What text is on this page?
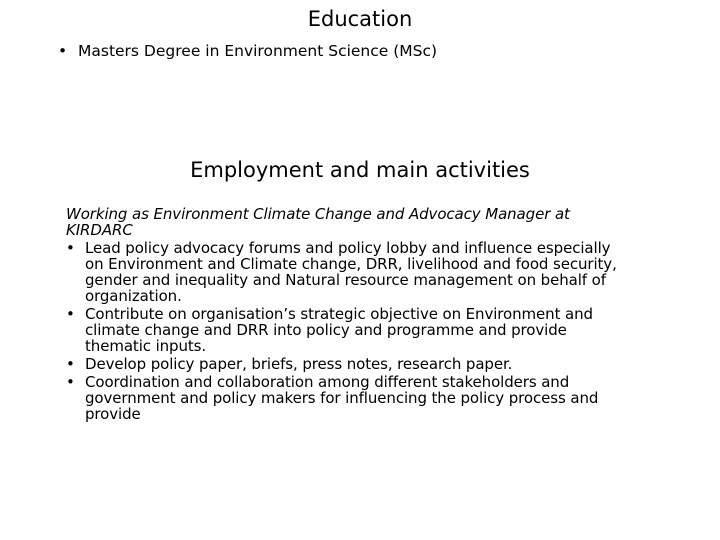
Education
• Masters Degree in Environment Science (MSc)
Employment and main activities
Working as Environment Climate Change and Advocacy Manager at
KIRDARC
• Lead policy advocacy forums and policy lobby and influence especially
on Environment and Climate change, DRR, livelihood and food security,
gender and inequality and Natural resource management on behalf of
organization.
• Contribute on organisation’s strategic objective on Environment and
climate change and DRR into policy and programme and provide
thematic inputs.
• Develop policy paper, briefs, press notes, research paper.
• Coordination and collaboration among different stakeholders and
government and policy makers for influencing the policy process and
provide
